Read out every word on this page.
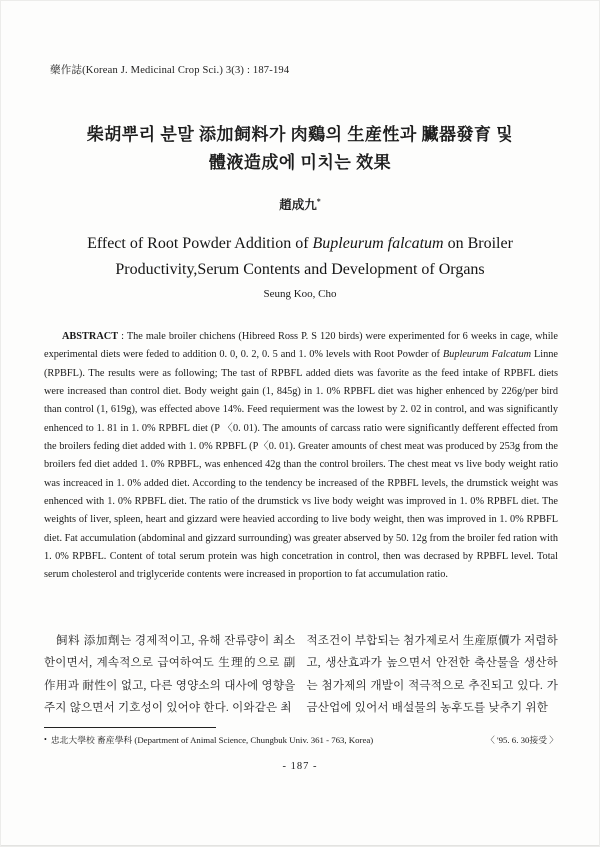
藥作誌(Korean J. Medicinal Crop Sci.) 3(3) : 187-194
柴胡뿌리 분말 添加飼料가 肉鷄의 生産性과 臟器發育 및
體液造成에 미치는 效果
趙成九*
Effect of Root Powder Addition of Bupleurum falcatum on Broiler
Productivity,Serum Contents and Development of Organs
Seung Koo, Cho

ABSTRACT : The male broiler chichens (Hibreed Ross P. S 120 birds) were experimented for 6 weeks in cage, while experimental diets were feded to addition 0. 0, 0. 2, 0. 5 and 1. 0% levels with Root Powder of Bupleurum Falcatum Linne (RPBFL). The results were as following; The tast of RPBFL added diets was favorite as the feed intake of RPBFL diets were increased than control diet. Body weight gain (1, 845g) in 1. 0% RPBFL diet was higher enhenced by 226g/per bird than control (1, 619g), was effected above 14%. Feed requierment was the lowest by 2. 02 in control, and was significantly enhenced to 1. 81 in 1. 0% RPBFL diet (P 〈0. 01). The amounts of carcass ratio were significantly defferent effected from the broilers feding diet added with 1. 0% RPBFL (P〈0. 01). Greater amounts of chest meat was produced by 253g from the broilers fed diet added 1. 0% RPBFL, was enhenced 42g than the control broilers. The chest meat vs live body weight ratio was increaced in 1. 0% added diet. According to the tendency be increased of the RPBFL levels, the drumstick weight was enhenced with 1. 0% RPBFL diet. The ratio of the drumstick vs live body weight was improved in 1. 0% RPBFL diet. The weights of liver, spleen, heart and gizzard were heavied according to live body weight, then was improved in 1. 0% RPBFL diet. Fat accumulation (abdominal and gizzard surrounding) was greater abserved by 50. 12g from the broiler fed ration with 1. 0% RPBFL. Content of total serum protein was high concetration in control, then was decrased by RPBFL level. Total serum cholesterol and triglyceride contents were increased in proportion to fat accumulation ratio.

飼料 添加劑는 경제적이고, 유해 잔류량이 최소한이면서, 계속적으로 급여하여도 生理的으로 副作用과 耐性이 없고, 다른 영양소의 대사에 영향을 주지 않으면서 기호성이 있어야 한다. 이와같은 최
적조건이 부합되는 첨가제로서 生産原價가 저렴하고, 생산효과가 높으면서 안전한 축산물을 생산하는 첨가제의 개발이 적극적으로 추진되고 있다. 가금산업에 있어서 배설물의 농후도를 낮추기 위한
• 忠北大學校 畜産學科 (Department of Animal Science, Chungbuk Univ. 361 - 763, Korea)	〈 '95. 6. 30接受 〉
- 187 -
